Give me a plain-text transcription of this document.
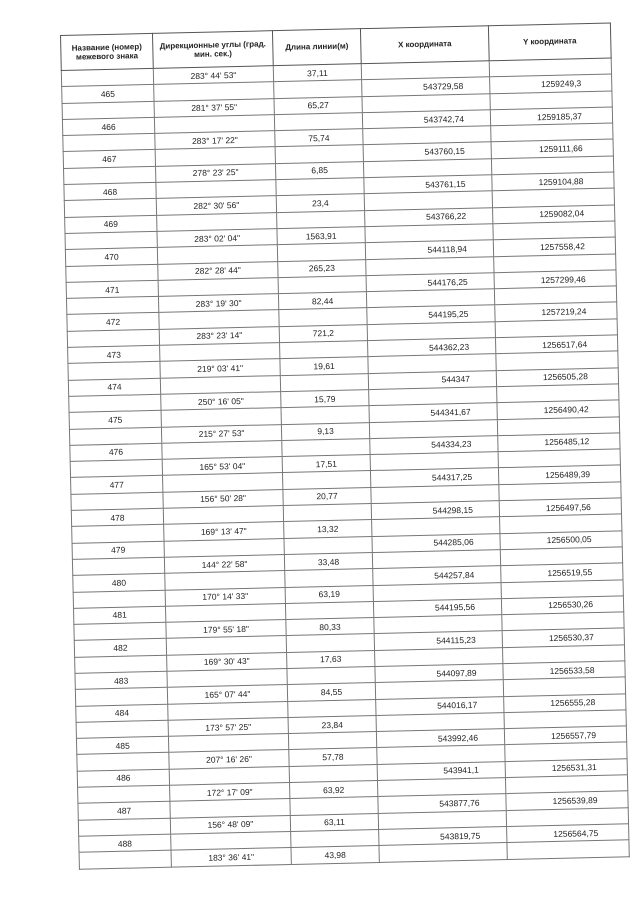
Название (номер) межевого знака	Дирекционные углы (град. мин. сек.)	Длина линии(м)	X координата	Y координата
	283° 44' 53"	37,11		
465			543729,58	1259249,3
	281° 37' 55"	65,27		
466			543742,74	1259185,37
	283° 17' 22"	75,74		
467			543760,15	1259111,66
	278° 23' 25"	6,85		
468			543761,15	1259104,88
	282° 30' 56"	23,4		
469			543766,22	1259082,04
	283° 02' 04"	1563,91		
470			544118,94	1257558,42
	282° 28' 44"	265,23		
471			544176,25	1257299,46
	283° 19' 30"	82,44		
472			544195,25	1257219,24
	283° 23' 14"	721,2		
473			544362,23	1256517,64
	219° 03' 41"	19,61		
474			544347	1256505,28
	250° 16' 05"	15,79		
475			544341,67	1256490,42
	215° 27' 53"	9,13		
476			544334,23	1256485,12
	165° 53' 04"	17,51		
477			544317,25	1256489,39
	156° 50' 28"	20,77		
478			544298,15	1256497,56
	169° 13' 47"	13,32		
479			544285,06	1256500,05
	144° 22' 58"	33,48		
480			544257,84	1256519,55
	170° 14' 33"	63,19		
481			544195,56	1256530,26
	179° 55' 18"	80,33		
482			544115,23	1256530,37
	169° 30' 43"	17,63		
483			544097,89	1256533,58
	165° 07' 44"	84,55		
484			544016,17	1256555,28
	173° 57' 25"	23,84		
485			543992,46	1256557,79
	207° 16' 26"	57,78		
486			543941,1	1256531,31
	172° 17' 09"	63,92		
487			543877,76	1256539,89
	156° 48' 09"	63,11		
488			543819,75	1256564,75
	183° 36' 41"	43,98		
